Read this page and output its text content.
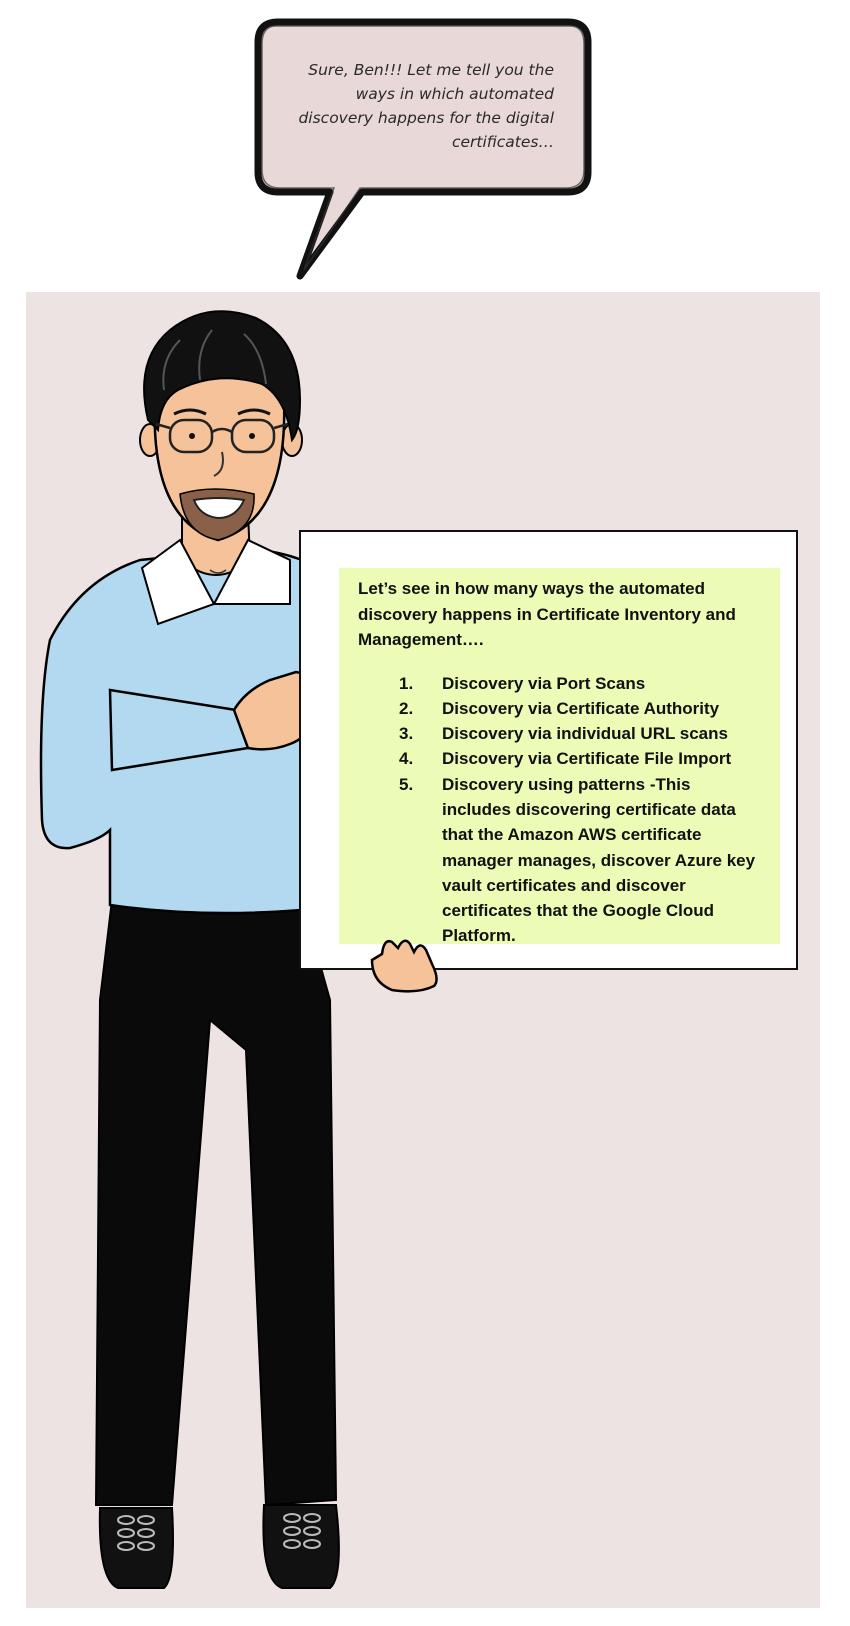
Sure, Ben!!! Let me tell you the ways in which automated discovery happens for the digital certificates…

Let’s see in how many ways the automated discovery happens in Certificate Inventory and Management….

1.	Discovery via Port Scans
2.	Discovery via Certificate Authority
3.	Discovery via individual URL scans
4.	Discovery via Certificate File Import
5.	Discovery using patterns -This includes discovering certificate data that the Amazon AWS certificate manager manages, discover Azure key vault certificates and discover certificates that the Google Cloud Platform.
